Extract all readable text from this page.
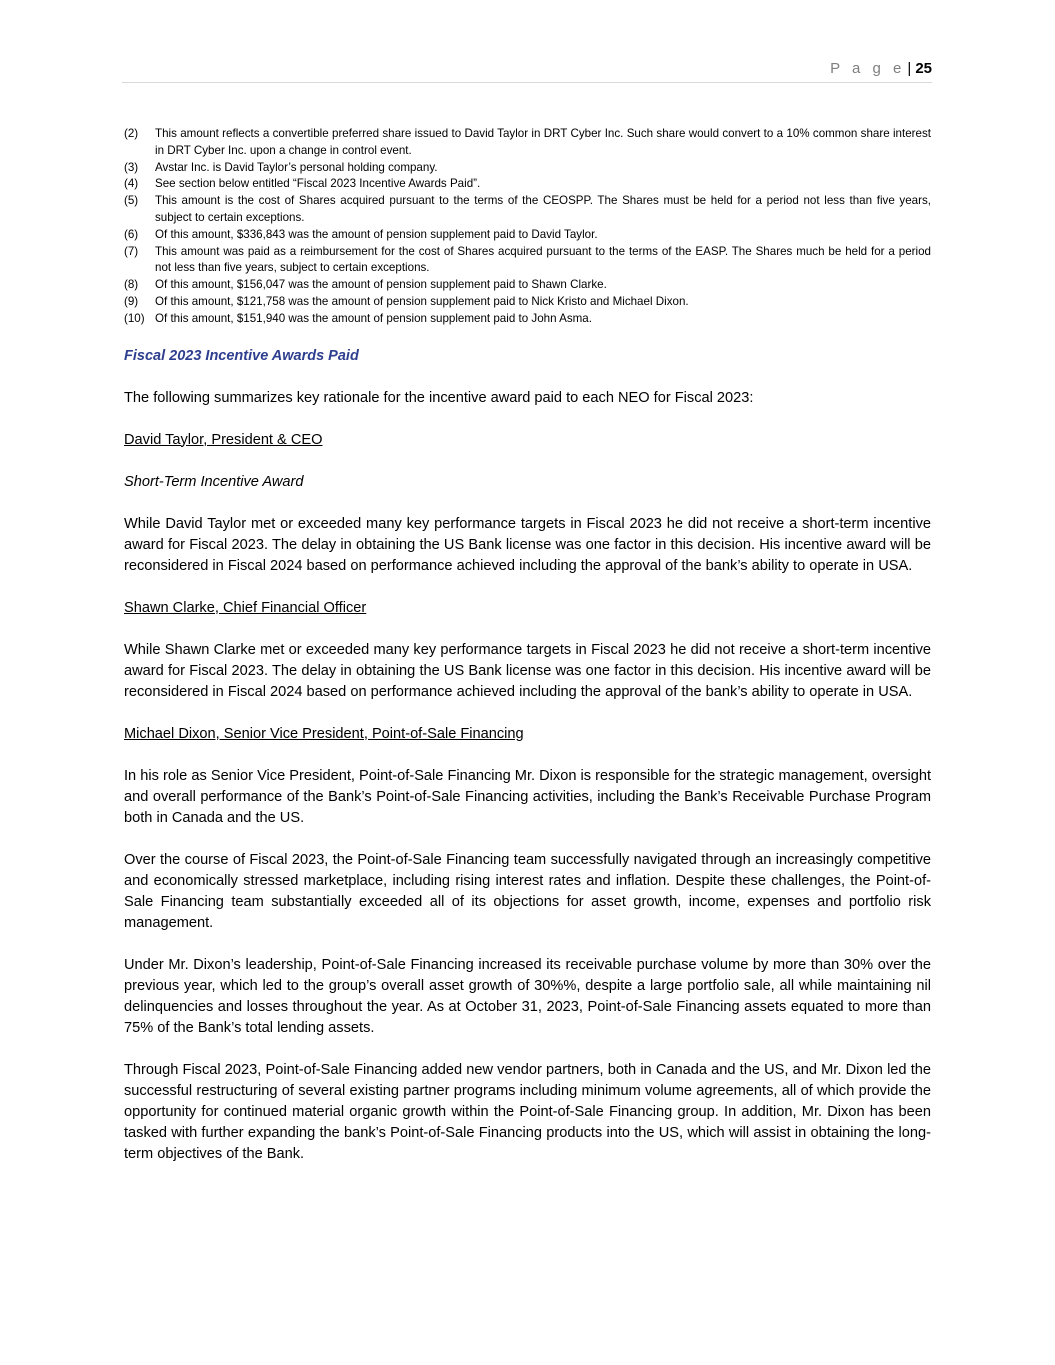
P a g e | 25
(2)	This amount reflects a convertible preferred share issued to David Taylor in DRT Cyber Inc. Such share would convert to a 10% common share interest in DRT Cyber Inc. upon a change in control event.
(3)	Avstar Inc. is David Taylor’s personal holding company.
(4)	See section below entitled “Fiscal 2023 Incentive Awards Paid”.
(5)	This amount is the cost of Shares acquired pursuant to the terms of the CEOSPP. The Shares must be held for a period not less than five years, subject to certain exceptions.
(6)	Of this amount, $336,843 was the amount of pension supplement paid to David Taylor.
(7)	This amount was paid as a reimbursement for the cost of Shares acquired pursuant to the terms of the EASP. The Shares much be held for a period not less than five years, subject to certain exceptions.
(8)	Of this amount, $156,047 was the amount of pension supplement paid to Shawn Clarke.
(9)	Of this amount, $121,758 was the amount of pension supplement paid to Nick Kristo and Michael Dixon.
(10) Of this amount, $151,940 was the amount of pension supplement paid to John Asma.
Fiscal 2023 Incentive Awards Paid

The following summarizes key rationale for the incentive award paid to each NEO for Fiscal 2023:

David Taylor, President & CEO

Short-Term Incentive Award

While David Taylor met or exceeded many key performance targets in Fiscal 2023 he did not receive a short-term incentive award for Fiscal 2023. The delay in obtaining the US Bank license was one factor in this decision. His incentive award will be reconsidered in Fiscal 2024 based on performance achieved including the approval of the bank’s ability to operate in USA.

Shawn Clarke, Chief Financial Officer

While Shawn Clarke met or exceeded many key performance targets in Fiscal 2023 he did not receive a short-term incentive award for Fiscal 2023. The delay in obtaining the US Bank license was one factor in this decision. His incentive award will be reconsidered in Fiscal 2024 based on performance achieved including the approval of the bank’s ability to operate in USA.

Michael Dixon, Senior Vice President, Point-of-Sale Financing

In his role as Senior Vice President, Point-of-Sale Financing Mr. Dixon is responsible for the strategic management, oversight and overall performance of the Bank’s Point-of-Sale Financing activities, including the Bank’s Receivable Purchase Program both in Canada and the US.

Over the course of Fiscal 2023, the Point-of-Sale Financing team successfully navigated through an increasingly competitive and economically stressed marketplace, including rising interest rates and inflation. Despite these challenges, the Point-of-Sale Financing team substantially exceeded all of its objections for asset growth, income, expenses and portfolio risk management.

Under Mr. Dixon’s leadership, Point-of-Sale Financing increased its receivable purchase volume by more than 30% over the previous year, which led to the group’s overall asset growth of 30%%, despite a large portfolio sale, all while maintaining nil delinquencies and losses throughout the year. As at October 31, 2023, Point-of-Sale Financing assets equated to more than 75% of the Bank’s total lending assets.

Through Fiscal 2023, Point-of-Sale Financing added new vendor partners, both in Canada and the US, and Mr. Dixon led the successful restructuring of several existing partner programs including minimum volume agreements, all of which provide the opportunity for continued material organic growth within the Point-of-Sale Financing group. In addition, Mr. Dixon has been tasked with further expanding the bank’s Point-of-Sale Financing products into the US, which will assist in obtaining the long-term objectives of the Bank.
